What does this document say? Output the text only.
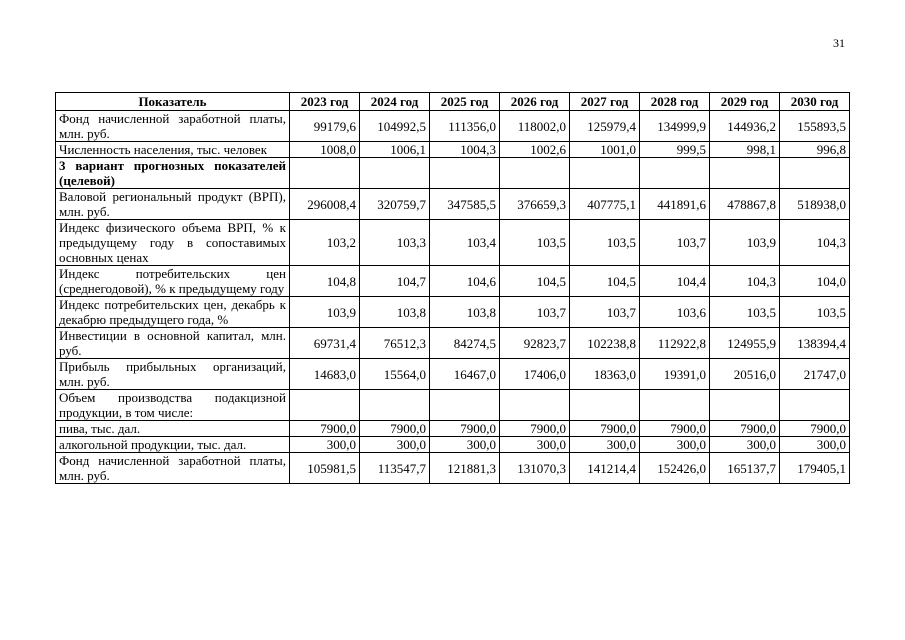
31
Показатель	2023 год	2024 год	2025 год	2026 год	2027 год	2028 год	2029 год	2030 год
Фонд начисленной заработной платы, млн. руб.	99179,6	104992,5	111356,0	118002,0	125979,4	134999,9	144936,2	155893,5
Численность населения, тыс. человек	1008,0	1006,1	1004,3	1002,6	1001,0	999,5	998,1	996,8
3 вариант прогнозных показателей (целевой)								
Валовой региональный продукт (ВРП), млн. руб.	296008,4	320759,7	347585,5	376659,3	407775,1	441891,6	478867,8	518938,0
Индекс физического объема ВРП, % к предыдущему году в сопоставимых основных ценах	103,2	103,3	103,4	103,5	103,5	103,7	103,9	104,3
Индекс потребительских цен (среднегодовой), % к предыдущему году	104,8	104,7	104,6	104,5	104,5	104,4	104,3	104,0
Индекс потребительских цен, декабрь к декабрю предыдущего года, %	103,9	103,8	103,8	103,7	103,7	103,6	103,5	103,5
Инвестиции в основной капитал, млн. руб.	69731,4	76512,3	84274,5	92823,7	102238,8	112922,8	124955,9	138394,4
Прибыль прибыльных организаций, млн. руб.	14683,0	15564,0	16467,0	17406,0	18363,0	19391,0	20516,0	21747,0
Объем производства подакцизной продукции, в том числе:								
пива, тыс. дал.	7900,0	7900,0	7900,0	7900,0	7900,0	7900,0	7900,0	7900,0
алкогольной продукции, тыс. дал.	300,0	300,0	300,0	300,0	300,0	300,0	300,0	300,0
Фонд начисленной заработной платы, млн. руб.	105981,5	113547,7	121881,3	131070,3	141214,4	152426,0	165137,7	179405,1
